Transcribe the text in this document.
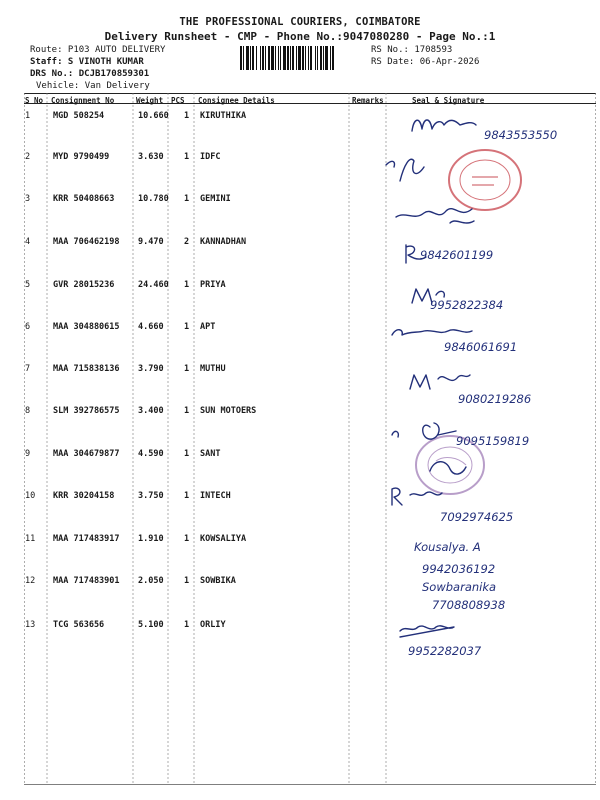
THE PROFESSIONAL COURIERS, COIMBATORE
Delivery Runsheet - CMP - Phone No.:9047080280 - Page No.:1
Route: P103 AUTO DELIVERY
Staff: S VINOTH KUMAR
DRS No.: DCJB170859301
Vehicle: Van Delivery
RS No.: 1708593
RS Date: 06-Apr-2026
S No Consignment No	Weight PCS Consignee Details	Remarks	Seal & Signature
1	MGD 508254	10.660 1 KIRUTHIKA
2	MYD 9790499	3.630 1 IDFC
3	KRR 50408663	10.780 1 GEMINI
4	MAA 706462198 9.470 2 KANNADHAN
5	GVR 28015236	24.460 1 PRIYA
6	MAA 304880615 4.660 1 APT
7	MAA 715838136 3.790 1 MUTHU
8	SLM 392786575 3.400 1 SUN MOTOERS
9	MAA 304679877 4.590 1 SANT
10 KRR 30204158	3.750 1 INTECH
11 MAA 717483917 1.910 1 KOWSALIYA
12 MAA 717483901 2.050 1 SOWBIKA
13 TCG 563656	5.100 1 ORLIY
9843553550
9842601199
9952822384
9846061691
9080219286
9095159819
7092974625
Kousalya. A
9942036192
Sowbaranika
7708808938
9952282037
